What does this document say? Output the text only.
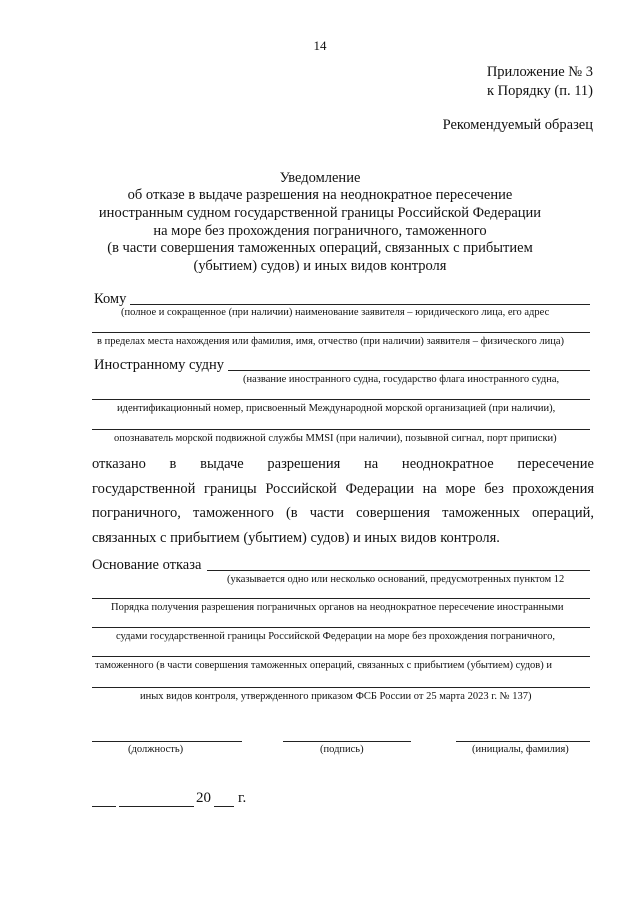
14
Приложение № 3
к Порядку (п. 11)
Рекомендуемый образец
Уведомление
об отказе в выдаче разрешения на неоднократное пересечение
иностранным судном государственной границы Российской Федерации
на море без прохождения пограничного, таможенного
(в части совершения таможенных операций, связанных с прибытием
(убытием) судов) и иных видов контроля
Кому
(полное и сокращенное (при наличии) наименование заявителя – юридического лица, его адрес
в пределах места нахождения или фамилия, имя, отчество (при наличии) заявителя – физического лица)
Иностранному судну
(название иностранного судна, государство флага иностранного судна,
идентификационный номер, присвоенный Международной морской организацией (при наличии),
опознаватель морской подвижной службы MMSI (при наличии), позывной сигнал, порт приписки)
отказано в выдаче разрешения на неоднократное пересечение
государственной границы Российской Федерации на море без прохождения
пограничного, таможенного (в части совершения таможенных операций,
связанных с прибытием (убытием) судов) и иных видов контроля.
Основание отказа
(указывается одно или несколько оснований, предусмотренных пунктом 12
Порядка получения разрешения пограничных органов на неоднократное пересечение иностранными
судами государственной границы Российской Федерации на море без прохождения пограничного,
таможенного (в части совершения таможенных операций, связанных с прибытием (убытием) судов) и
иных видов контроля, утвержденного приказом ФСБ России от 25 марта 2023 г. № 137)
(должность)	(подпись)	(инициалы, фамилия)
20 г.
